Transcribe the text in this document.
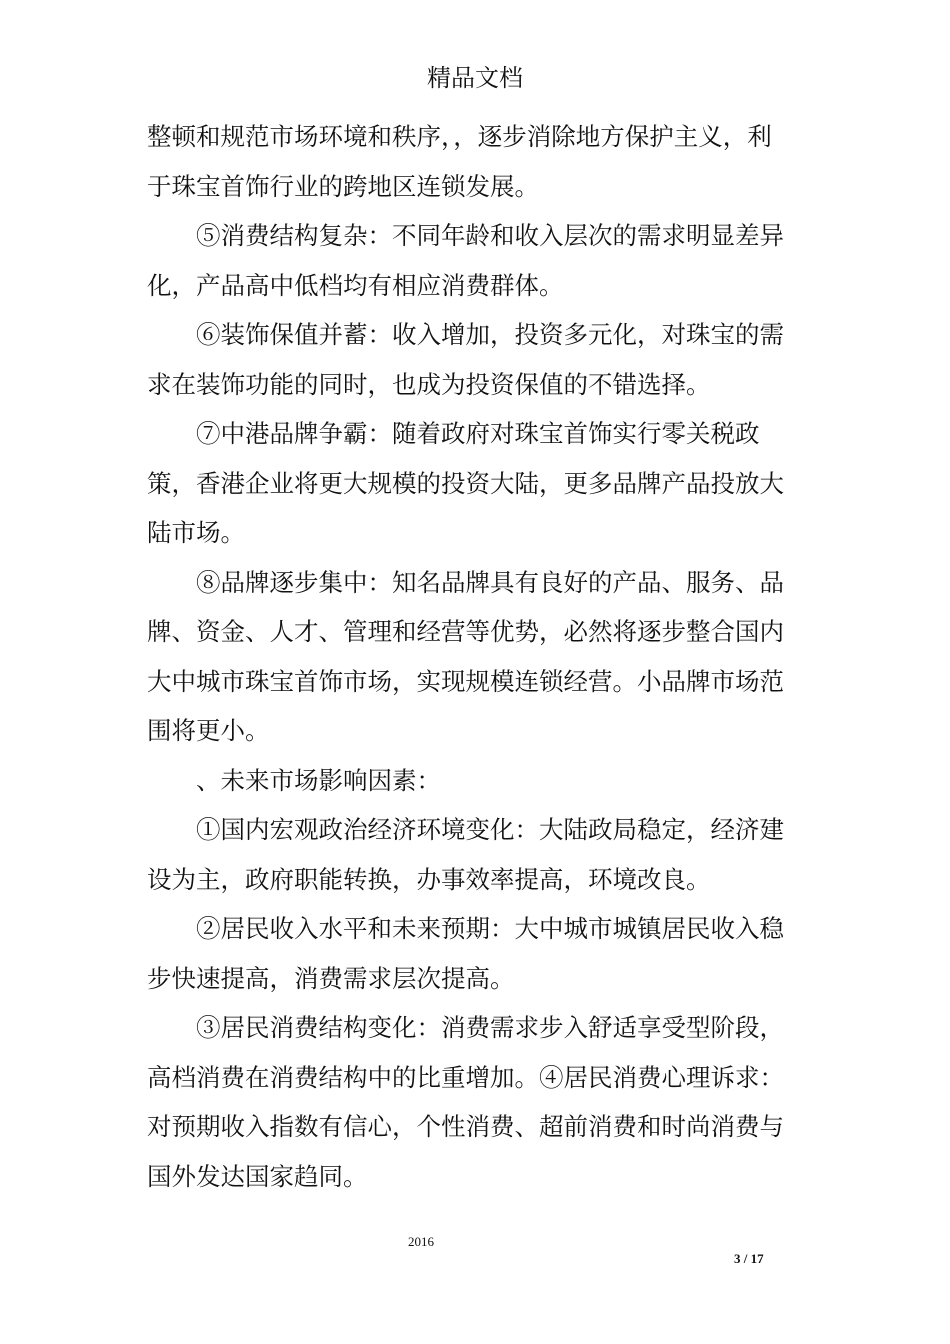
精品文档
整顿和规范市场环境和秩序，，逐步消除地方保护主义，利
于珠宝首饰行业的跨地区连锁发展。
⑤消费结构复杂：不同年龄和收入层次的需求明显差异
化，产品高中低档均有相应消费群体。
⑥装饰保值并蓄：收入增加，投资多元化，对珠宝的需
求在装饰功能的同时，也成为投资保值的不错选择。
⑦中港品牌争霸：随着政府对珠宝首饰实行零关税政
策，香港企业将更大规模的投资大陆，更多品牌产品投放大
陆市场。
⑧品牌逐步集中：知名品牌具有良好的产品、服务、品
牌、资金、人才、管理和经营等优势，必然将逐步整合国内
大中城市珠宝首饰市场，实现规模连锁经营。小品牌市场范
围将更小。
、未来市场影响因素：
①国内宏观政治经济环境变化：大陆政局稳定，经济建
设为主，政府职能转换，办事效率提高，环境改良。
②居民收入水平和未来预期：大中城市城镇居民收入稳
步快速提高，消费需求层次提高。
③居民消费结构变化：消费需求步入舒适享受型阶段，
高档消费在消费结构中的比重增加。④居民消费心理诉求：
对预期收入指数有信心，个性消费、超前消费和时尚消费与
国外发达国家趋同。
2016
3 / 17
